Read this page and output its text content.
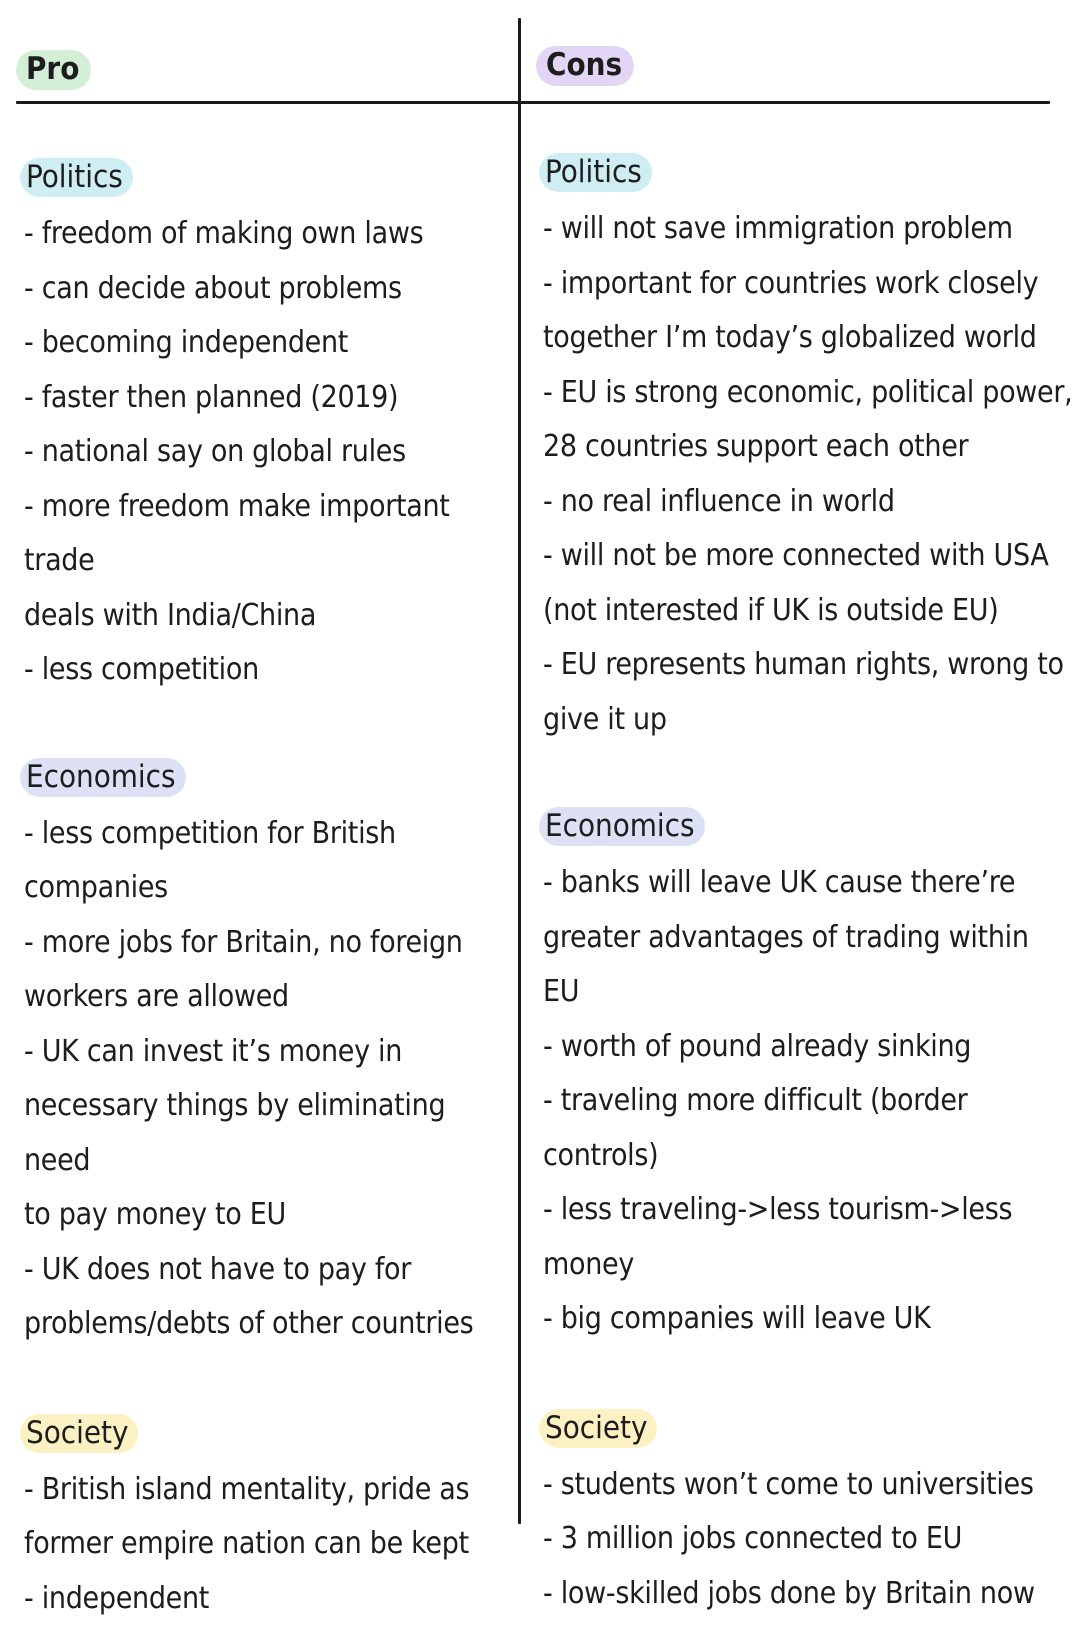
Pro	Cons
Politics

- freedom of making own laws

- can decide about problems

- becoming independent

- faster then planned (2019)

- national say on global rules

- more freedom make important trade

deals with India/China

- less competition

Economics

- less competition for British

companies

- more jobs for Britain, no foreign

workers are allowed

- UK can invest it’s money in

necessary things by eliminating need

to pay money to EU

- UK does not have to pay for

problems/debts of other countries

Society

- British island mentality, pride as

former empire nation can be kept

- independent

Politics

- will not save immigration problem

- important for countries work closely

together I’m today’s globalized world

- EU is strong economic, political power,

28 countries support each other

- no real influence in world

- will not be more connected with USA

(not interested if UK is outside EU)

- EU represents human rights, wrong to

give it up

Economics

- banks will leave UK cause there’re

greater advantages of trading within EU

- worth of pound already sinking

- traveling more difficult (border controls)

- less traveling->less tourism->less

money

- big companies will leave UK

Society

- students won’t come to universities

- 3 million jobs connected to EU

- low-skilled jobs done by Britain now
